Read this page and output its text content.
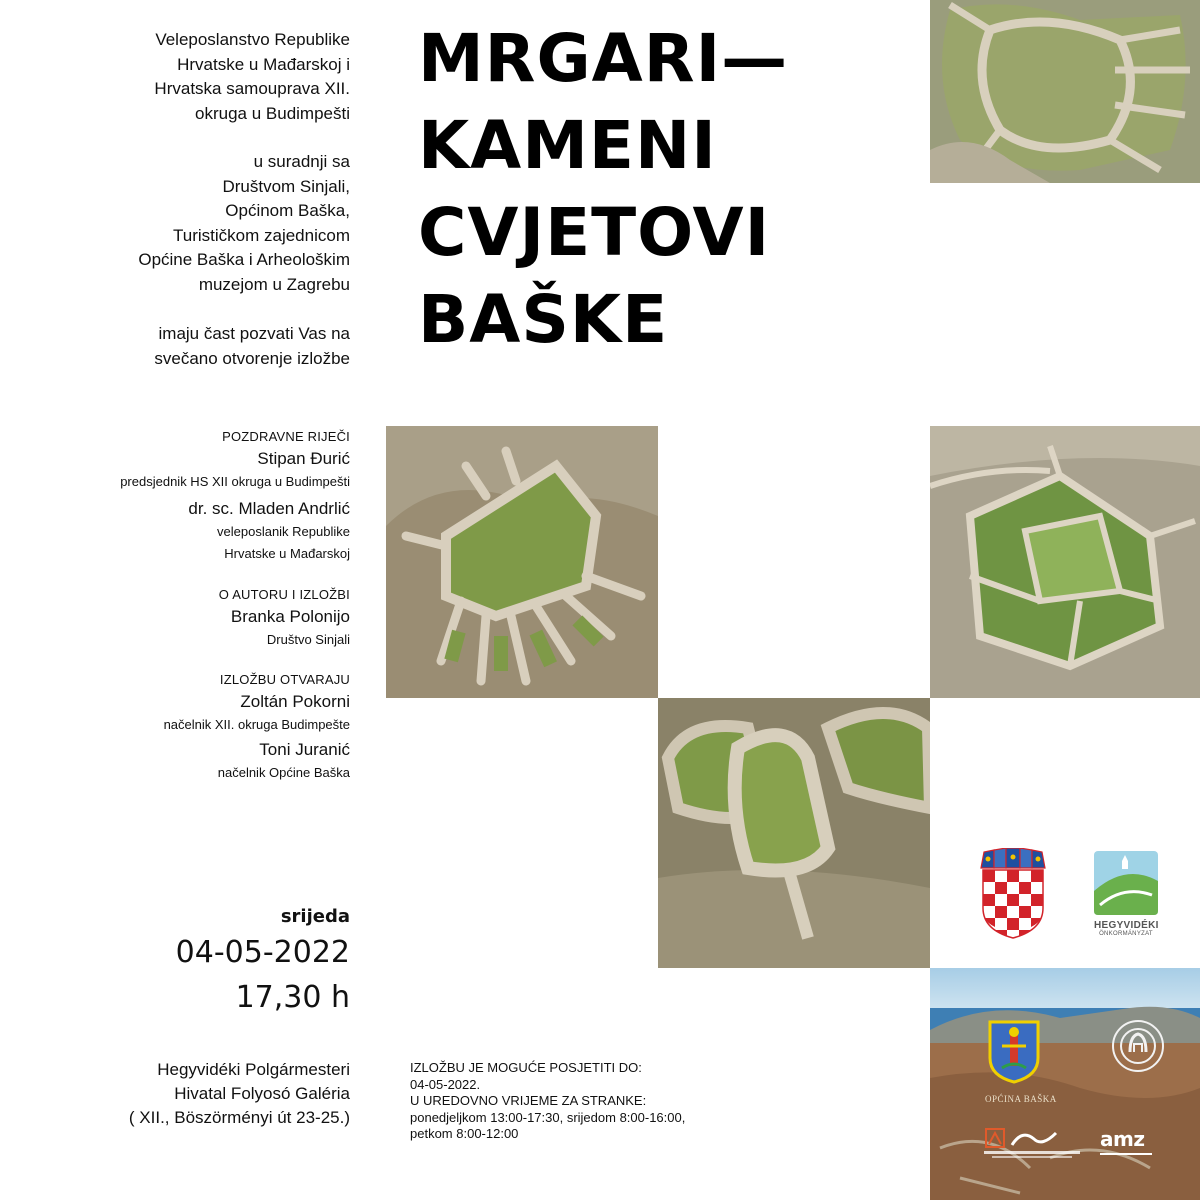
Veleposlanstvo Republike
Hrvatske u Mađarskoj i
Hrvatska samouprava XII.
okruga u Budimpešti
u suradnji sa
Društvom Sinjali,
Općinom Baška,
Turističkom zajednicom
Općine Baška i Arheološkim
muzejom u Zagrebu
imaju čast pozvati Vas na
svečano otvorenje izložbe
MRGARI—
KAMENI
CVJETOVI
BAŠKE
POZDRAVNE RIJEČI
Stipan Đurić
predsjednik HS XII okruga u Budimpešti
dr. sc. Mladen Andrlić
veleposlanik Republike
Hrvatske u Mađarskoj
O AUTORU I IZLOŽBI
Branka Polonijo
Društvo Sinjali
IZLOŽBU OTVARAJU
Zoltán Pokorni
načelnik XII. okruga Budimpešte
Toni Juranić
načelnik Općine Baška
srijeda
04-05-2022
17,30 h
Hegyvidéki Polgármesteri
Hivatal Folyosó Galéria
( XII., Böszörményi út 23-25.)
IZLOŽBU JE MOGUĆE POSJETITI DO:
04-05-2022.
U UREDOVNO VRIJEME ZA STRANKE:
ponedjeljkom 13:00-17:30, srijedom 8:00-16:00,
petkom 8:00-12:00
HEGYVIDÉKI
ÖNKORMÁNYZAT
OPĆINA BAŠKA
amz
